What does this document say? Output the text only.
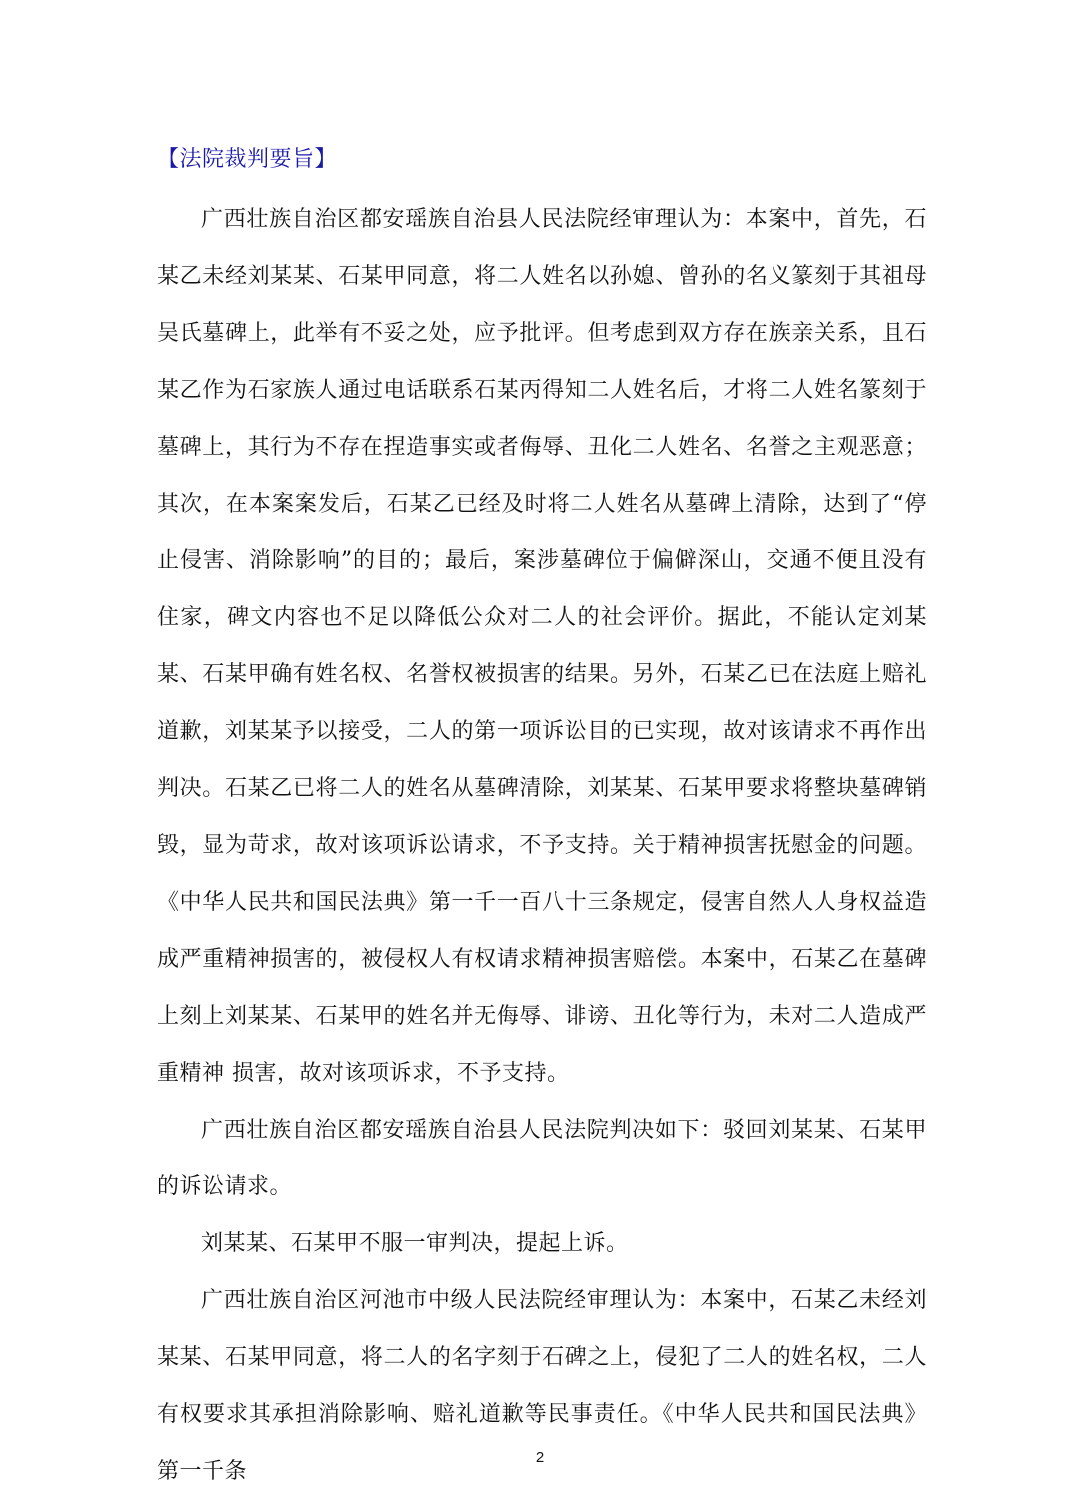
【法院裁判要旨】

广西壮族自治区都安瑶族自治县人民法院经审理认为：本案中，首先，石某乙未经刘某某、石某甲同意，将二人姓名以孙媳、曾孙的名义篆刻于其祖母吴氏墓碑上，此举有不妥之处，应予批评。但考虑到双方存在族亲关系，且石某乙作为石家族人通过电话联系石某丙得知二人姓名后，才将二人姓名篆刻于墓碑上，其行为不存在捏造事实或者侮辱、丑化二人姓名、名誉之主观恶意；其次，在本案案发后，石某乙已经及时将二人姓名从墓碑上清除，达到了“停止侵害、消除影响”的目的；最后，案涉墓碑位于偏僻深山，交通不便且没有住家，碑文内容也不足以降低公众对二人的社会评价。据此，不能认定刘某某、石某甲确有姓名权、名誉权被损害的结果。另外，石某乙已在法庭上赔礼道歉，刘某某予以接受，二人的第一项诉讼目的已实现，故对该请求不再作出判决。石某乙已将二人的姓名从墓碑清除，刘某某、石某甲要求将整块墓碑销毁，显为苛求，故对该项诉讼请求，不予支持。关于精神损害抚慰金的问题。《中华人民共和国民法典》第一千一百八十三条规定，侵害自然人人身权益造成严重精神损害的，被侵权人有权请求精神损害赔偿。本案中，石某乙在墓碑上刻上刘某某、石某甲的姓名并无侮辱、诽谤、丑化等行为，未对二人造成严重精神 损害，故对该项诉求，不予支持。

广西壮族自治区都安瑶族自治县人民法院判决如下：驳回刘某某、石某甲的诉讼请求。

刘某某、石某甲不服一审判决，提起上诉。

广西壮族自治区河池市中级人民法院经审理认为：本案中，石某乙未经刘某某、石某甲同意，将二人的名字刻于石碑之上，侵犯了二人的姓名权，二人有权要求其承担消除影响、赔礼道歉等民事责任。《中华人民共和国民法典》第一千条

2
